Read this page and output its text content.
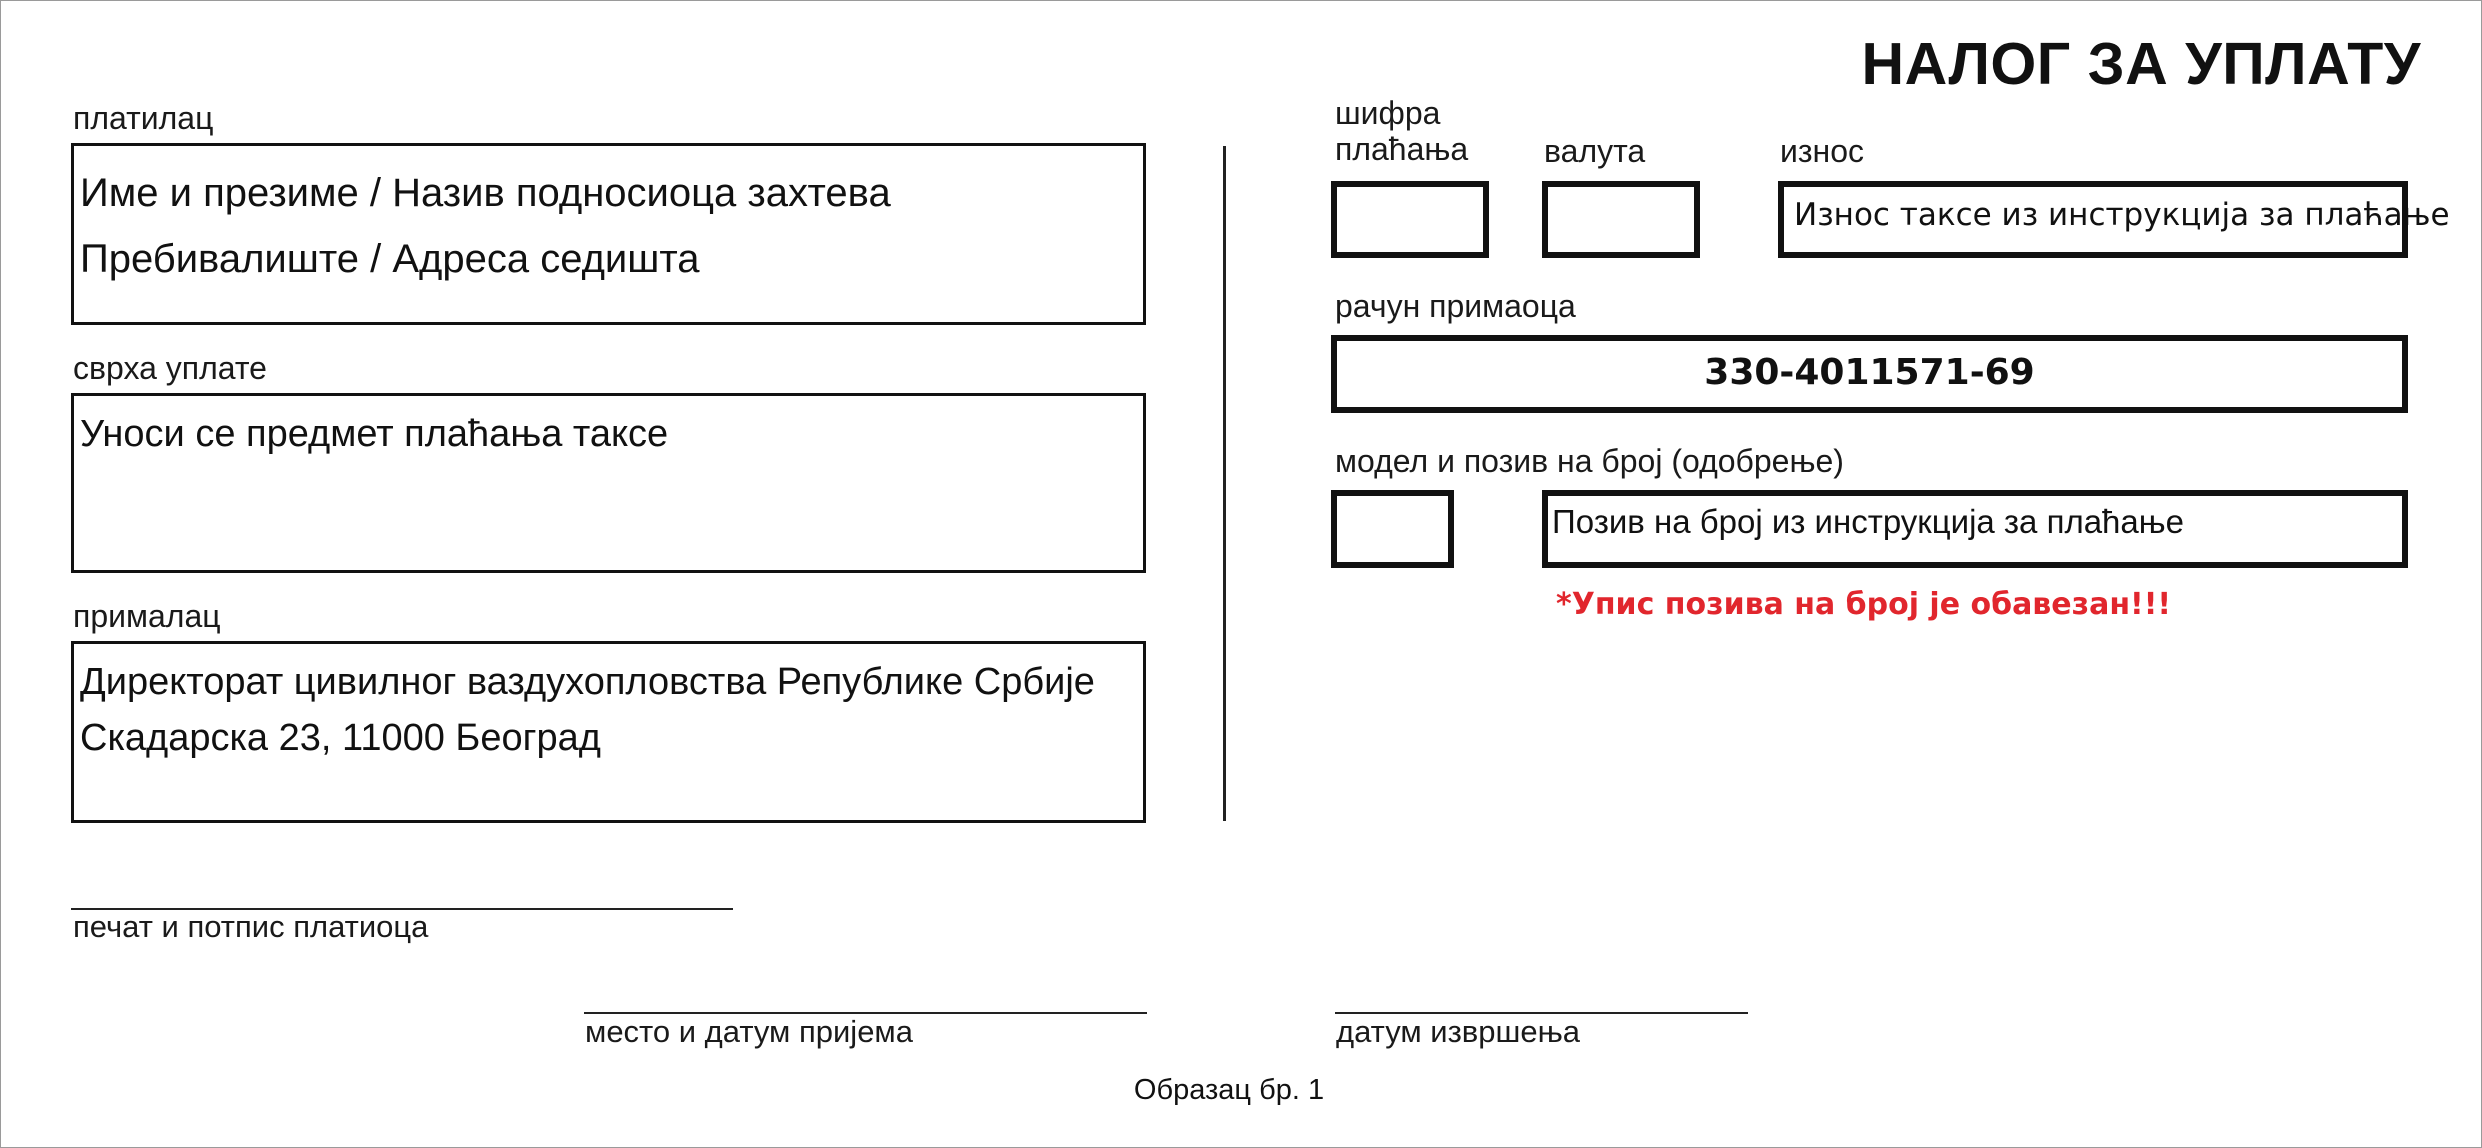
НАЛОГ ЗА УПЛАТУ
платилац
Име и презиме / Назив подносиоца захтева
Пребивалиште / Адреса седишта
сврха уплате
Уноси се предмет плаћања таксе
прималац
Директорат цивилног ваздухопловства Републике Србије
Скадарска 23, 11000 Београд
печат и потпис платиоца
шифра
плаћања валута	износ
Износ таксе из инструкција за плаћање
рачун примаоца
330-4011571-69
модел и позив на број (одобрење)
Позив на број из инструкција за плаћање
*Упис позива на број је обавезан!!!
место и датум пријема	датум извршења
Образац бр. 1
